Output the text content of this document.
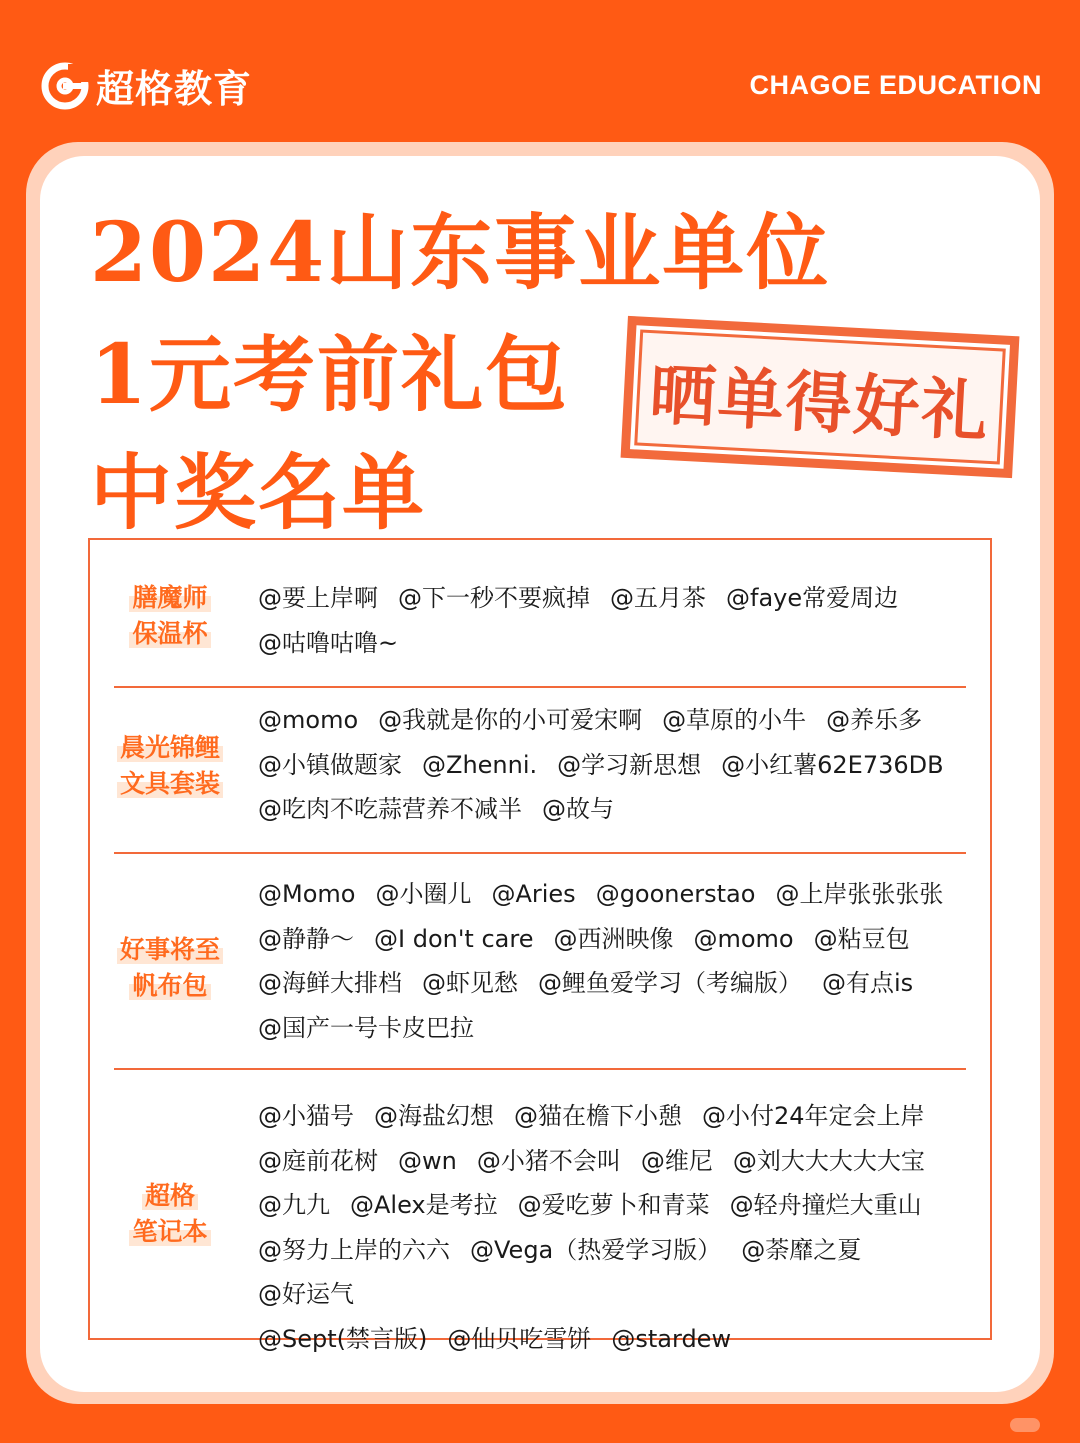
超格教育	CHAGOE EDUCATION
2024山东事业单位
1元考前礼包
中奖名单
晒单得好礼
膳魔师
保温杯
@要上岸啊 @下一秒不要疯掉 @五月茶 @faye常爱周边
@咕噜咕噜~
晨光锦鲤
文具套装
@momo @我就是你的小可爱宋啊 @草原的小牛 @养乐多
@小镇做题家 @Zhenni. @学习新思想 @小红薯62E736DB
@吃肉不吃蒜营养不减半 @故与
好事将至
帆布包
@Momo @小圈儿 @Aries @goonerstao @上岸张张张张
@静静～ @I don't care @西洲映像 @momo @粘豆包
@海鲜大排档 @虾见愁 @鲤鱼爱学习（考编版） @有点is
@国产一号卡皮巴拉
超格
笔记本
@小猫号 @海盐幻想 @猫在檐下小憩 @小付24年定会上岸
@庭前花树 @wn @小猪不会叫 @维尼 @刘大大大大大宝
@九九 @Alex是考拉 @爱吃萝卜和青菜 @轻舟撞烂大重山
@努力上岸的六六 @Vega（热爱学习版） @荼靡之夏@好运气
@Sept(禁言版) @仙贝吃雪饼 @stardew
